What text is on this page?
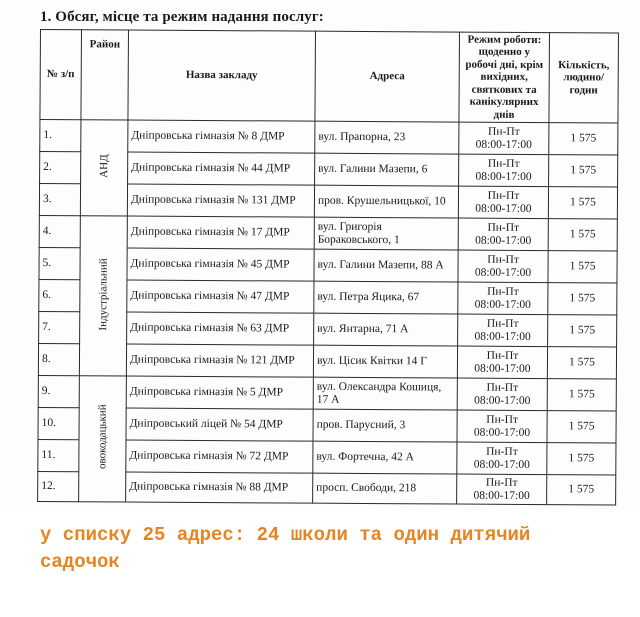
1. Обсяг, місце та режим надання послуг:
№ з/п	Район	Назва закладу	Адреса	Режим роботи: щоденно у робочі дні, крім вихідних, святкових та канікулярних днів	Кількість, людино/ годин
1.	АНД	Дніпровська гімназія № 8 ДМР	вул. Прапорна, 23	Пн-Пт
08:00-17:00	1 575
2.		Дніпровська гімназія № 44 ДМР	вул. Галини Мазепи, 6	Пн-Пт
08:00-17:00	1 575
3.		Дніпровська гімназія № 131 ДМР	пров. Крушельницької, 10	Пн-Пт
08:00-17:00	1 575
4.	Індустріальний	Дніпровська гімназія № 17 ДМР	вул. Григорія Бораковського, 1	Пн-Пт
08:00-17:00	1 575
5.		Дніпровська гімназія № 45 ДМР	вул. Галини Мазепи, 88 А	Пн-Пт
08:00-17:00	1 575
6.		Дніпровська гімназія № 47 ДМР	вул. Петра Яцика, 67	Пн-Пт
08:00-17:00	1 575
7.		Дніпровська гімназія № 63 ДМР	вул. Янтарна, 71 А	Пн-Пт
08:00-17:00	1 575
8.		Дніпровська гімназія № 121 ДМР	вул. Цісик Квітки 14 Г	Пн-Пт
08:00-17:00	1 575
9.	овокодацький	Дніпровська гімназія № 5 ДМР	вул. Олександра Кошиця, 17 А	Пн-Пт
08:00-17:00	1 575
10.		Дніпровський ліцей № 54 ДМР	пров. Парусний, 3	Пн-Пт
08:00-17:00	1 575
11.		Дніпровська гімназія № 72 ДМР	вул. Фортечна, 42 А	Пн-Пт
08:00-17:00	1 575
12.		Дніпровська гімназія № 88 ДМР	просп. Свободи, 218	Пн-Пт
08:00-17:00	1 575
у списку 25 адрес: 24 школи та один дитячий садочок
